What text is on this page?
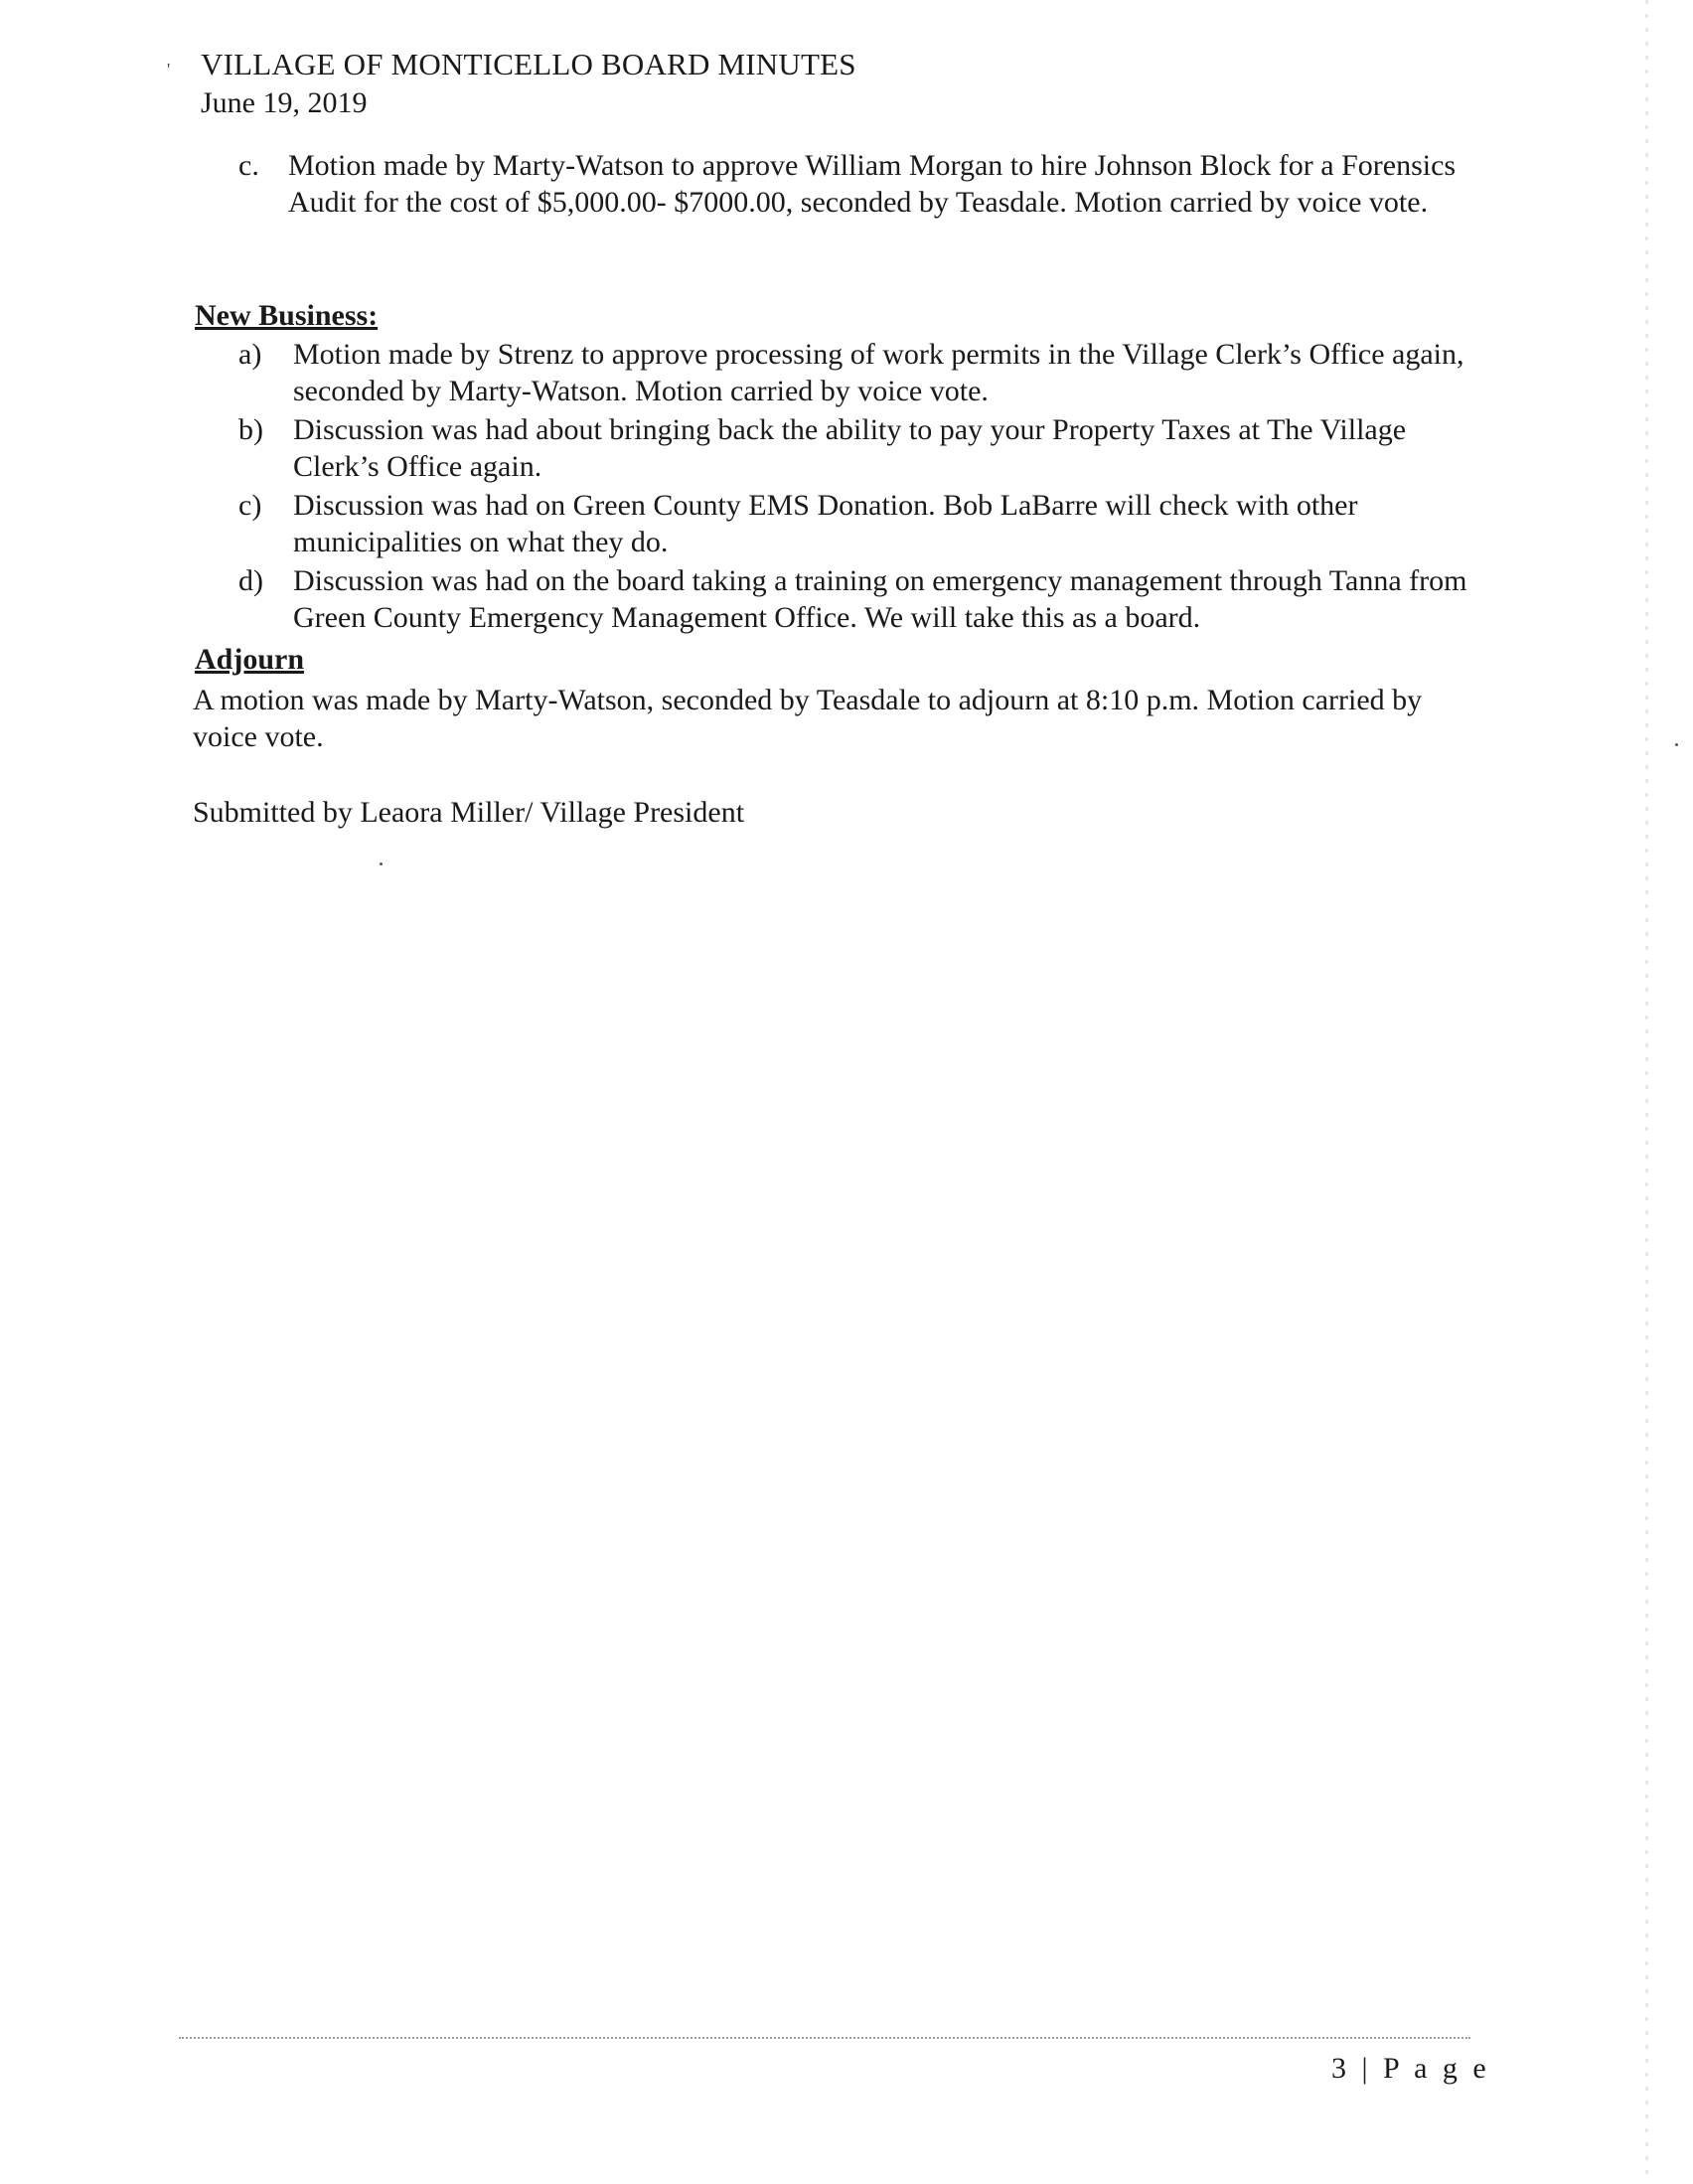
' VILLAGE OF MONTICELLO BOARD MINUTES
June 19, 2019
c. Motion made by Marty-Watson to approve William Morgan to hire Johnson Block for a Forensics Audit for the cost of $5,000.00- $7000.00, seconded by Teasdale. Motion carried by voice vote.
New Business:
a) Motion made by Strenz to approve processing of work permits in the Village Clerk’s Office again, seconded by Marty-Watson. Motion carried by voice vote.
b) Discussion was had about bringing back the ability to pay your Property Taxes at The Village Clerk’s Office again.
c) Discussion was had on Green County EMS Donation. Bob LaBarre will check with other municipalities on what they do.
d) Discussion was had on the board taking a training on emergency management through Tanna from Green County Emergency Management Office. We will take this as a board.
Adjourn
A motion was made by Marty-Watson, seconded by Teasdale to adjourn at 8:10 p.m. Motion carried by voice vote.
Submitted by Leaora Miller/ Village President
3 | P a g e
